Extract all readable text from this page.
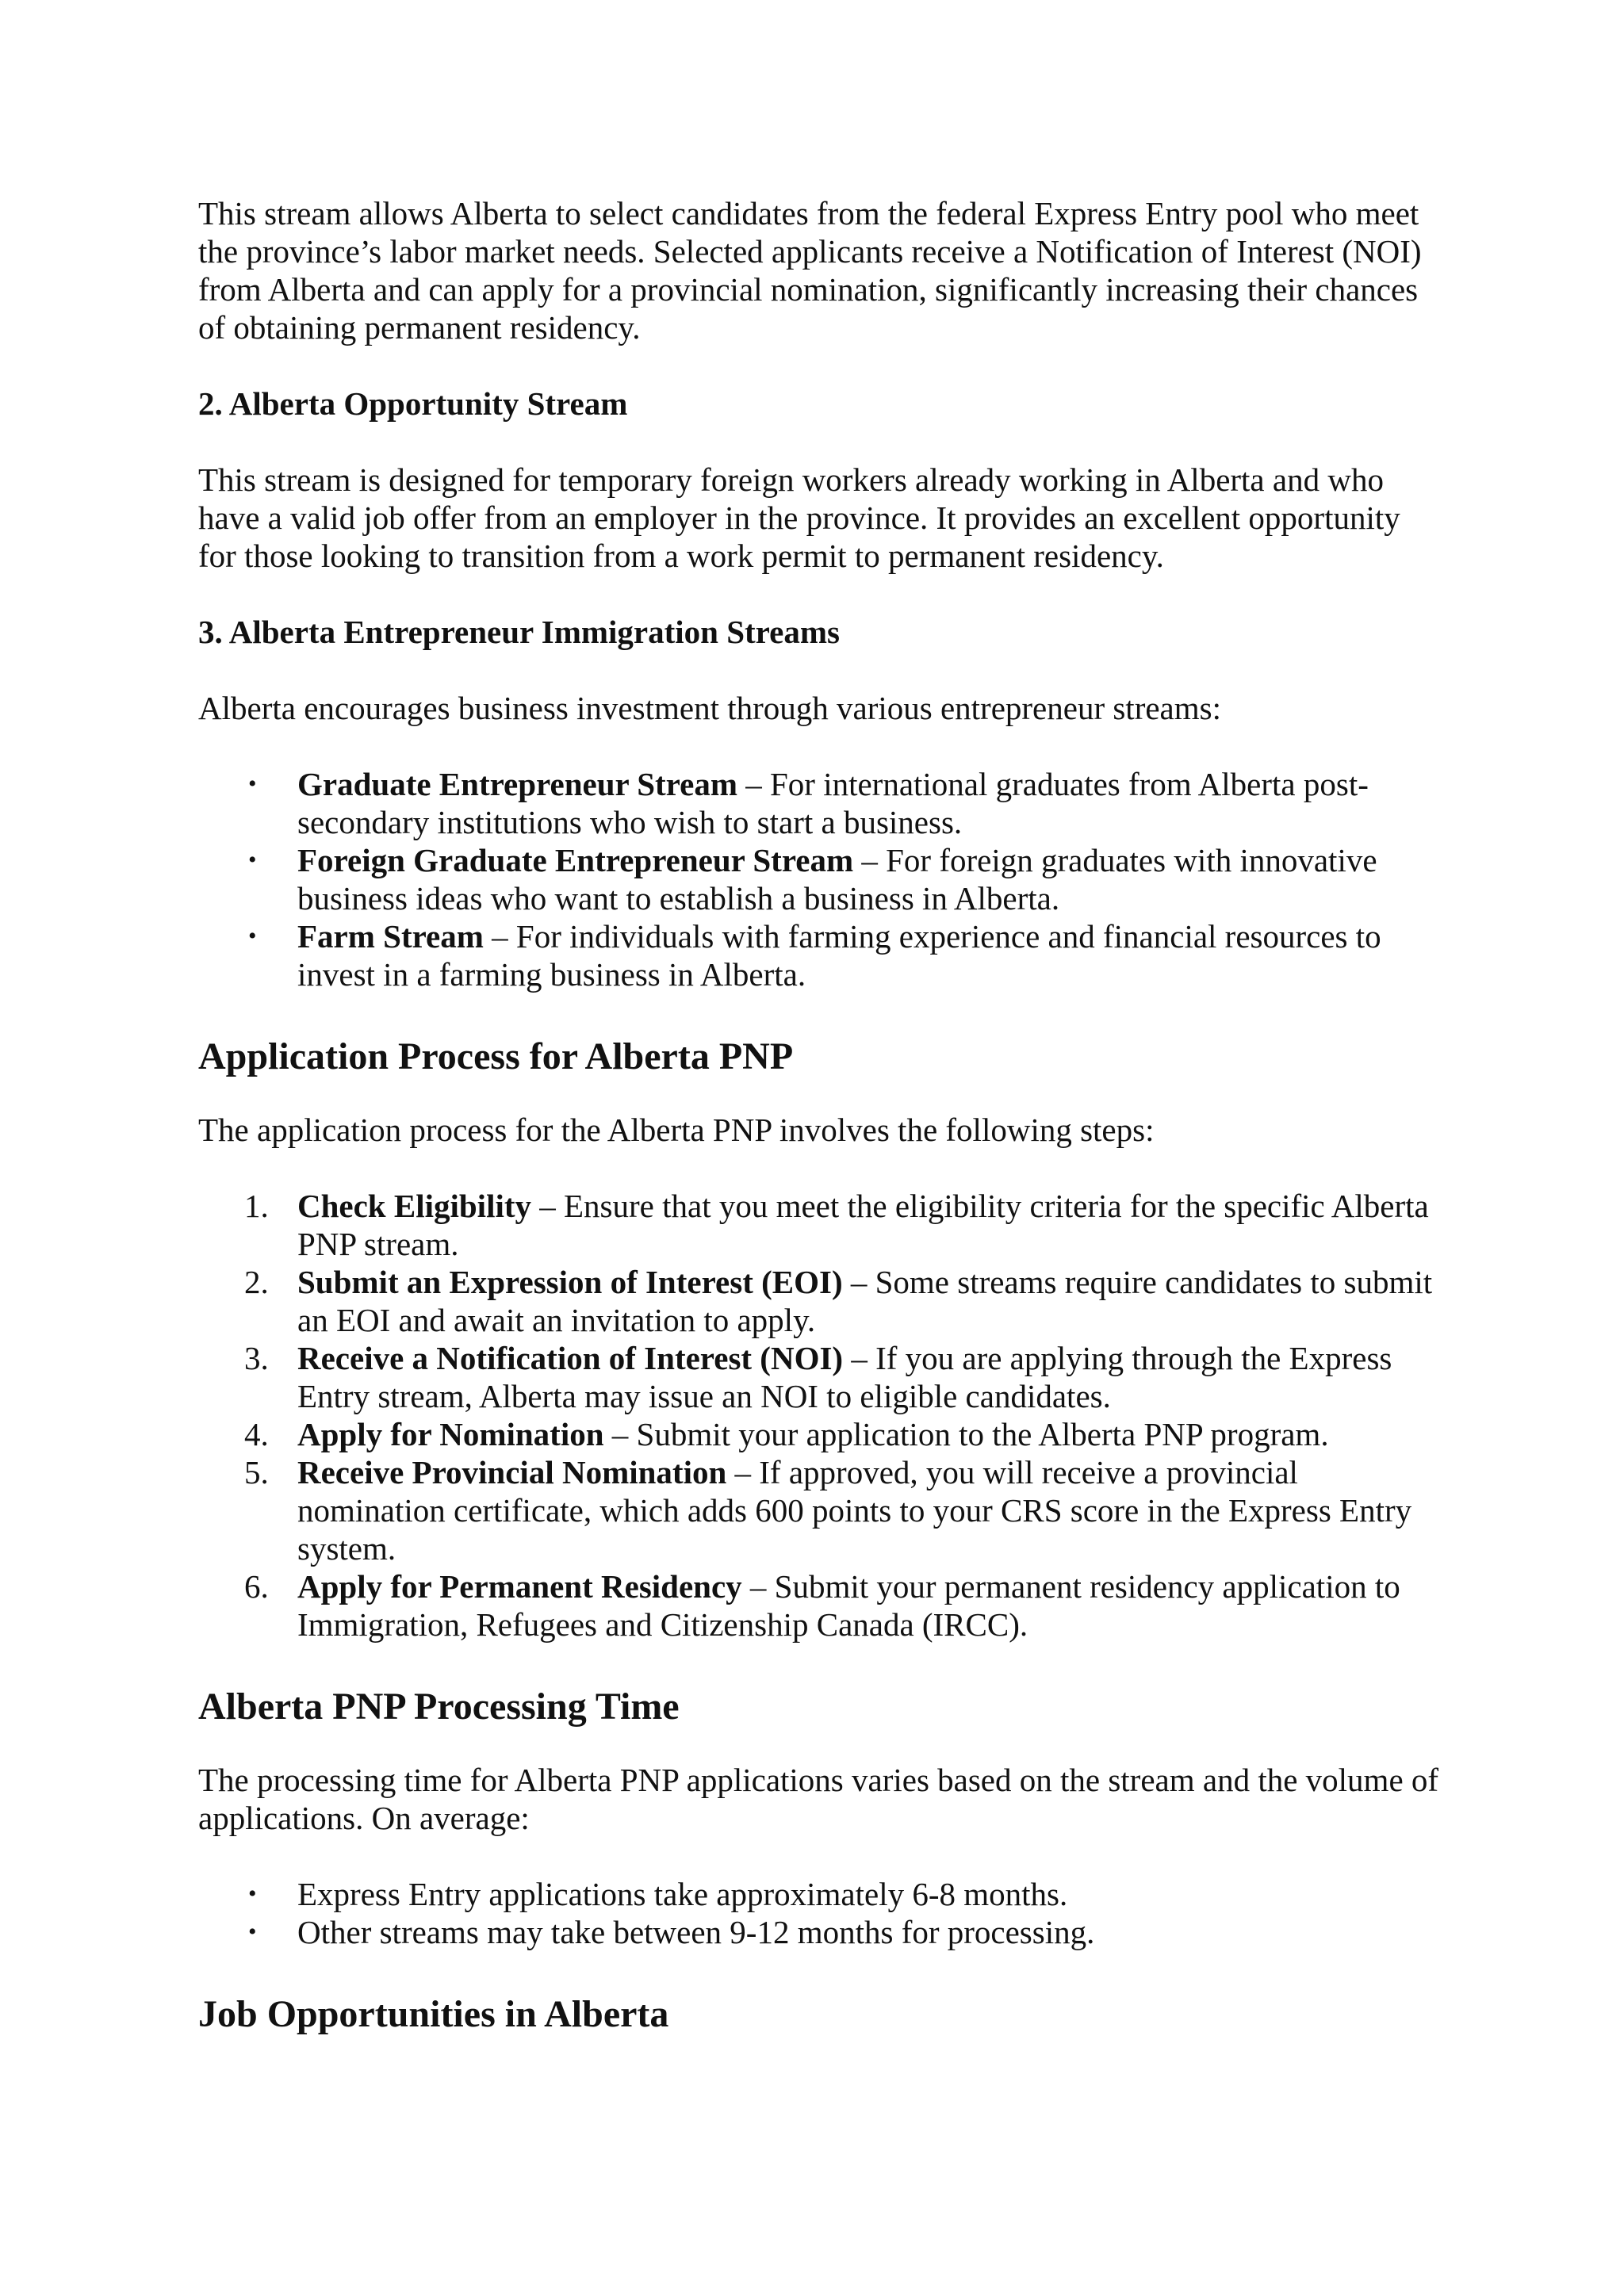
This stream allows Alberta to select candidates from the federal Express Entry pool who meet the province’s labor market needs. Selected applicants receive a Notification of Interest (NOI) from Alberta and can apply for a provincial nomination, significantly increasing their chances of obtaining permanent residency.

2. Alberta Opportunity Stream

This stream is designed for temporary foreign workers already working in Alberta and who have a valid job offer from an employer in the province. It provides an excellent opportunity for those looking to transition from a work permit to permanent residency.

3. Alberta Entrepreneur Immigration Streams

Alberta encourages business investment through various entrepreneur streams:

•	Graduate Entrepreneur Stream – For international graduates from Alberta post-secondary institutions who wish to start a business.
•	Foreign Graduate Entrepreneur Stream – For foreign graduates with innovative business ideas who want to establish a business in Alberta.
•	Farm Stream – For individuals with farming experience and financial resources to invest in a farming business in Alberta.
Application Process for Alberta PNP

The application process for the Alberta PNP involves the following steps:

1. Check Eligibility – Ensure that you meet the eligibility criteria for the specific Alberta PNP stream.
2. Submit an Expression of Interest (EOI) – Some streams require candidates to submit an EOI and await an invitation to apply.
3. Receive a Notification of Interest (NOI) – If you are applying through the Express Entry stream, Alberta may issue an NOI to eligible candidates.
4. Apply for Nomination – Submit your application to the Alberta PNP program.
5. Receive Provincial Nomination – If approved, you will receive a provincial nomination certificate, which adds 600 points to your CRS score in the Express Entry system.
6. Apply for Permanent Residency – Submit your permanent residency application to Immigration, Refugees and Citizenship Canada (IRCC).
Alberta PNP Processing Time

The processing time for Alberta PNP applications varies based on the stream and the volume of applications. On average:

•	Express Entry applications take approximately 6-8 months.
•	Other streams may take between 9-12 months for processing.
Job Opportunities in Alberta
